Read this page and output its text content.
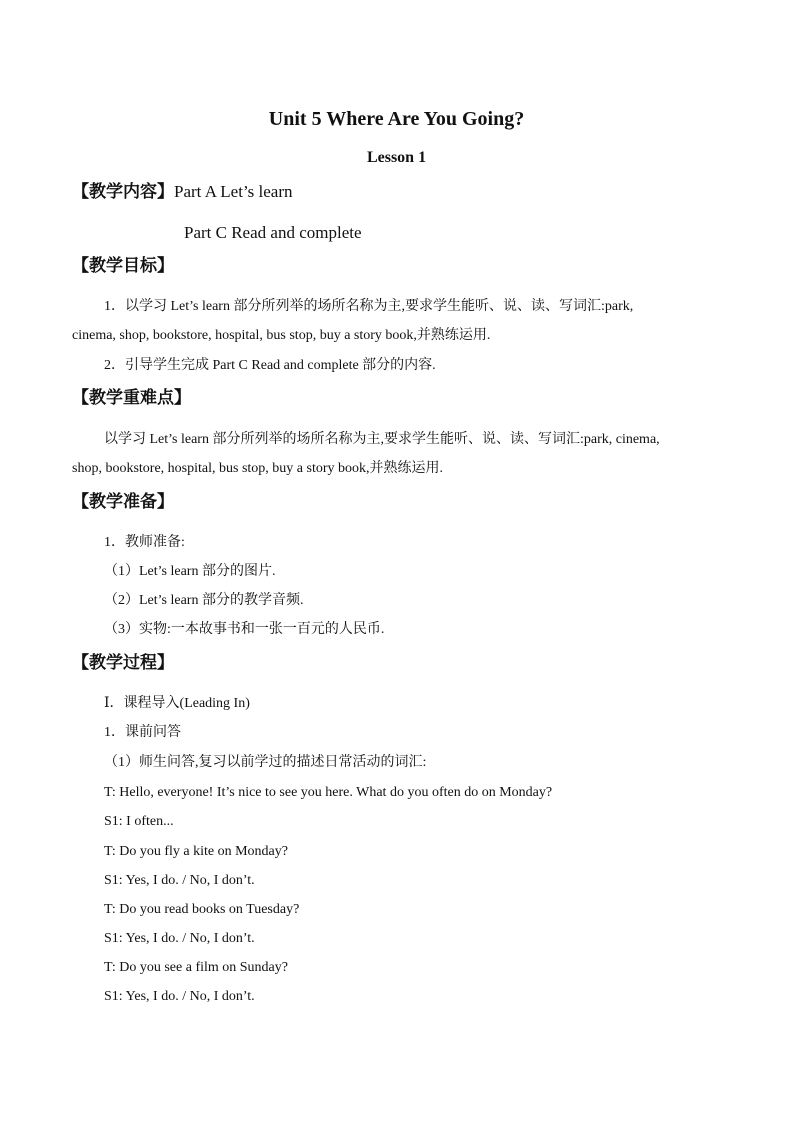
Unit 5 Where Are You Going?
Lesson 1
【教学内容】Part A Let’s learn
Part C Read and complete
【教学目标】
1．以学习 Let’s learn 部分所列举的场所名称为主,要求学生能听、说、读、写词汇:park,
cinema, shop, bookstore, hospital, bus stop, buy a story book,并熟练运用.
2．引导学生完成 Part C Read and complete 部分的内容.
【教学重难点】
以学习 Let’s learn 部分所列举的场所名称为主,要求学生能听、说、读、写词汇:park, cinema,
shop, bookstore, hospital, bus stop, buy a story book,并熟练运用.
【教学准备】
1．教师准备:
（1）Let’s learn 部分的图片.
（2）Let’s learn 部分的教学音频.
（3）实物:一本故事书和一张一百元的人民币.
【教学过程】
Ⅰ．课程导入(Leading In)
1．课前问答
（1）师生问答,复习以前学过的描述日常活动的词汇:
T: Hello, everyone! It’s nice to see you here. What do you often do on Monday?
S1: I often...
T: Do you fly a kite on Monday?
S1: Yes, I do. / No, I don’t.
T: Do you read books on Tuesday?
S1: Yes, I do. / No, I don’t.
T: Do you see a film on Sunday?
S1: Yes, I do. / No, I don’t.
